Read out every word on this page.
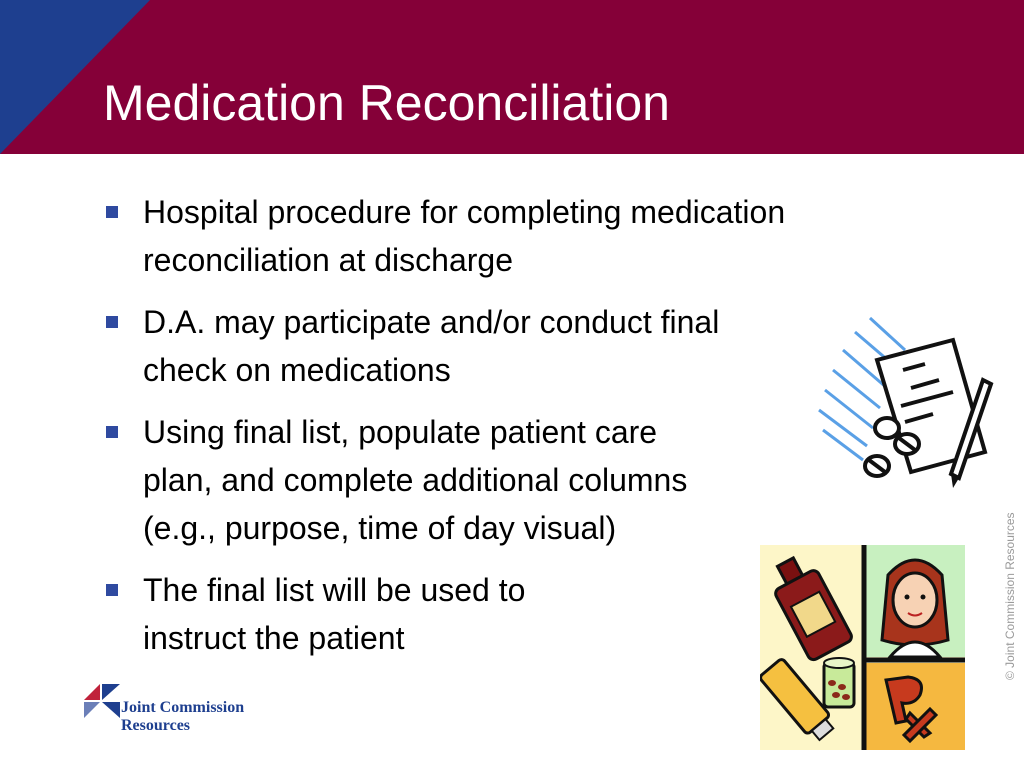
Medication Reconciliation
Hospital procedure for completing medication
reconciliation at discharge
D.A. may participate and/or conduct final
check on medications
Using final list, populate patient care
plan, and complete additional columns
(e.g., purpose, time of day visual)
The final list will be used to
instruct the patient
Joint Commission
Resources
© Joint Commission Resources
